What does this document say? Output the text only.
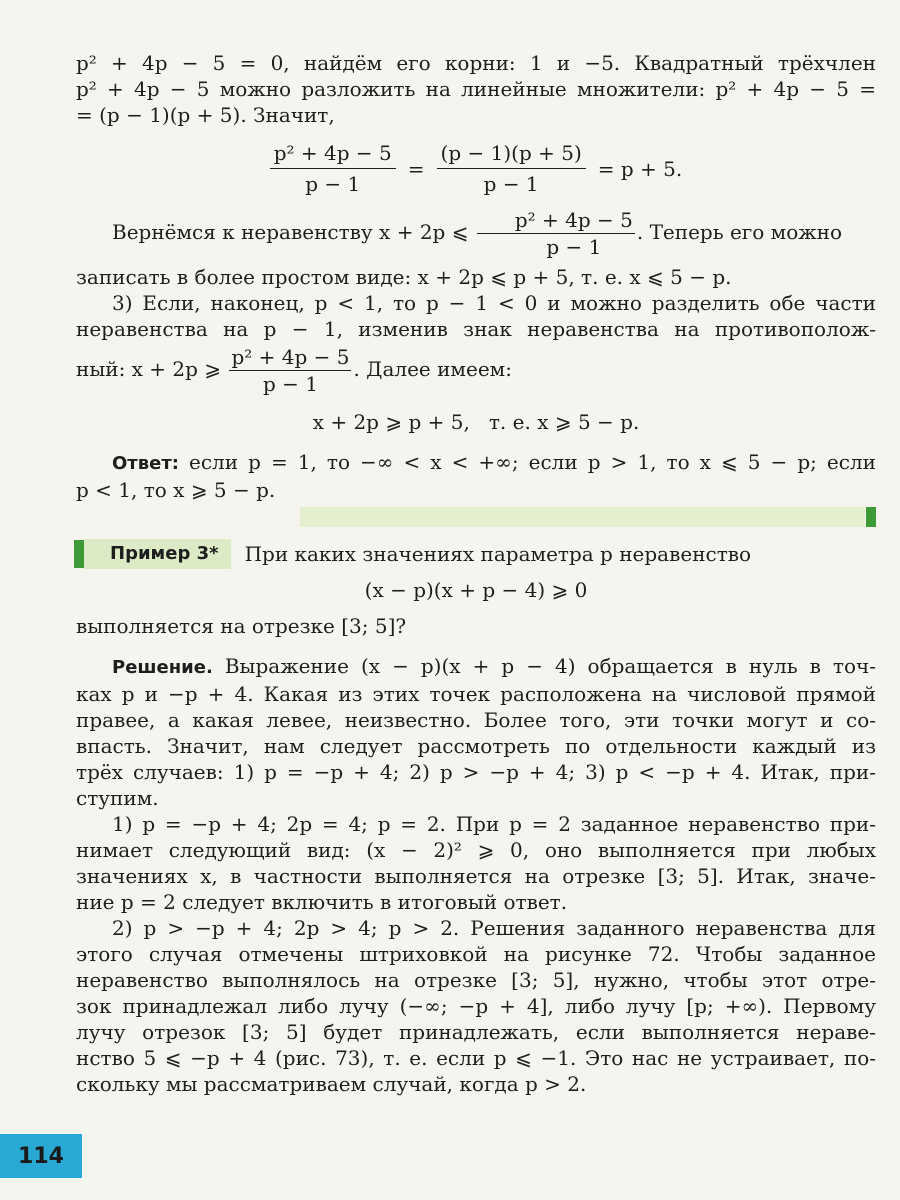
p² + 4p − 5 = 0, найдём его корни: 1 и −5. Квадратный трёхчлен

p² + 4p − 5 можно разложить на линейные множители: p² + 4p − 5 =

= (p − 1)(p + 5). Значит,

$\frac{\text{p² + 4p − 5}}{p - 1} = \frac{(p - 1)(p + 5)}{p - 1} = p + 5$.

Вернёмся к неравенству x + 2p ⩽ $\frac{\text{p² + 4p − 5}}{p - 1}$ . Теперь его можно

записать в более простом виде: x + 2p ⩽ p + 5, т. е. x ⩽ 5 − p.

3) Если, наконец, p < 1, то p − 1 < 0 и можно разделить обе части

неравенства на p − 1, изменив знак неравенства на противополож-

ный: x + 2p ⩾ $\frac{\text{p² + 4p − 5}}{p - 1}$ . Далее имеем:

x + 2p ⩾ p + 5,   т. е. x ⩾ 5 − p.

Ответ: если p = 1, то −∞ < x < +∞; если p > 1, то x ⩽ 5 − p; если

p < 1, то x ⩾ 5 − p.

Пример 3*	При каких значениях параметра p неравенство

(x − p)(x + p − 4) ⩾ 0

выполняется на отрезке [3; 5]?

Решение. Выражение (x − p)(x + p − 4) обращается в нуль в точ-

ках p и −p + 4. Какая из этих точек расположена на числовой прямой

правее, а какая левее, неизвестно. Более того, эти точки могут и со-

впасть. Значит, нам следует рассмотреть по отдельности каждый из

трёх случаев: 1) p = −p + 4; 2) p > −p + 4; 3) p < −p + 4. Итак, при-

ступим.

1) p = −p + 4; 2p = 4; p = 2. При p = 2 заданное неравенство при-

нимает следующий вид: (x − 2)² ⩾ 0, оно выполняется при любых

значениях x, в частности выполняется на отрезке [3; 5]. Итак, значе-

ние p = 2 следует включить в итоговый ответ.

2) p > −p + 4; 2p > 4; p > 2. Решения заданного неравенства для

этого случая отмечены штриховкой на рисунке 72. Чтобы заданное

неравенство выполнялось на отрезке [3; 5], нужно, чтобы этот отре-

зок принадлежал либо лучу (−∞; −p + 4], либо лучу [p; +∞). Первому

лучу отрезок [3; 5] будет принадлежать, если выполняется нераве-

нство 5 ⩽ −p + 4 (рис. 73), т. е. если p ⩽ −1. Это нас не устраивает, по-

скольку мы рассматриваем случай, когда p > 2.

114
